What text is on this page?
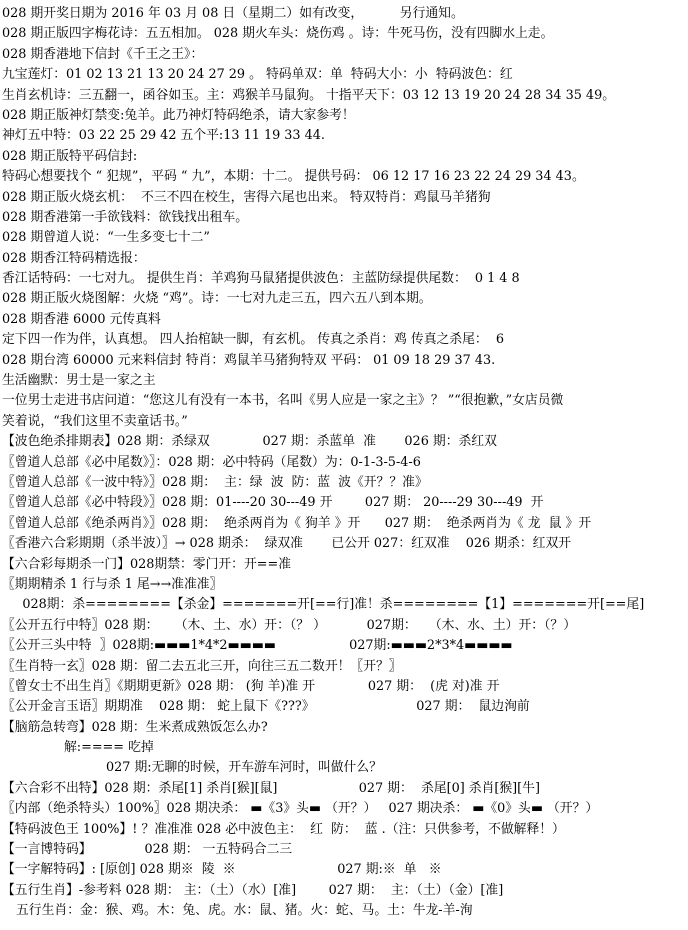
028 期开奖日期为 2016 年 03 月 08 日（星期二）如有改变，         另行通知。
028 期正版四字梅花诗：五五相加。 028 期火车头：烧伤鸡 。诗：牛死马伤，没有四脚水上走。
028 期香港地下信封《千王之王》：
九宝莲灯：01 02 13 21 13 20 24 27 29 。 特码单双：单  特码大小：小  特码波色：红
生肖玄机诗：三五翻一，函谷如玉。主：鸡猴羊马鼠狗。 十指平天下：03 12 13 19 20 24 28 34 35 49。
028 期正版神灯禁变:兔羊。此乃神灯特码绝杀，请大家参考！
神灯五中特：03 22 25 29 42 五个平:13 11 19 33 44.
028 期正版特平码信封:
特码心想要找个 “ 犯规”，平码 “ 九”，本期：十二。 提供号码： 06 12 17 16 23 22 24 29 34 43。
028 期正版火烧玄机：  不三不四在校生，害得六尾也出来。 特双特肖：鸡鼠马羊猪狗
028 期香港第一手欲钱料：欲钱找出租车。
028 期曾道人说：“一生多变七十二”
028 期香江特码精选报：
香江话特码：一七对九。 提供生肖：羊鸡狗马鼠猪提供波色：主蓝防绿提供尾数：  0 1 4 8
028 期正版火烧图解：火烧 “鸡”。诗：一七对九走三五，四六五八到本期。
028 期香港 6000 元传真料
定下四一作为伴，认真想。 四人抬棺缺一脚，有玄机。 传真之杀肖：鸡 传真之杀尾：  6
028 期台湾 60000 元来料信封 特肖：鸡鼠羊马猪狗特双 平码： 01 09 18 29 37 43.
生活幽默：男士是一家之主
一位男士走进书店问道：“您这儿有没有一本书，名叫《男人应是一家之主》？ ”“很抱歉，”女店员微
笑着说，“我们这里不卖童话书。”
【波色绝杀排期表】028 期：杀绿双             027 期：杀蓝单  准       026 期：杀红双
〖曾道人总部《必中尾数》〗：028 期：必中特码（尾数）为：0-1-3-5-4-6
〖曾道人总部《一波中特》〗028 期：  主：绿  波  防：蓝  波《开？？准》
〖曾道人总部《必中特段》〗028 期：01----20 30---49 开        027 期： 20----29 30---49  开
〖曾道人总部《绝杀两肖》〗028 期：  绝杀两肖为《 狗羊 》开      027 期：  绝杀两肖为《 龙  鼠 》开
〖香港六合彩期期（杀半波）〗→ 028 期杀：  绿双准       已公开 027：红双准    026 期杀：红双开
【六合彩每期杀一门】028期禁：零门开：开==准
〖期期精杀 1 行与杀 1 尾→→准准准〗
028期：杀========【杀金】=======开[==行]准！杀========【1】=======开[==尾]
〖公开五行中特〗028 期：    （木、土、水）开：（？ ）          027期：   （木、水、土）开：（？）
〖公开三头中特  〗028期:▬▬▬1*4*2▬▬▬▬                  027期:▬▬▬2*3*4▬▬▬▬
〖生肖特一玄〗028 期：留二去五北三开，向往三五二数开！〖开？〗
〖曾女士不出生肖〗《期期更新》028 期： (狗 羊)准 开             027 期：  (虎 对)准 开
〖公开金言玉语〗期期准    028 期： 蛇上鼠下《???》                         027 期：  鼠边洵前
【脑筋急转弯】028 期：生米煮成熟饭怎么办?
解:==== 吃掉
027 期:无聊的时候，开车游车河时，叫做什么？
【六合彩不出特】028 期：杀尾[1] 杀肖[猴][鼠]                    027 期：  杀尾[0] 杀肖[猴][牛]
〖内部（绝杀特头）100%〗028 期决杀： ▬《3》头▬ （开？）   027 期决杀： ▬《0》头▬ （开？）
【特码波色王 100%】! ？准准准 028 必中波色主：  红  防：  蓝 .（注：只供参考，不做解释！）
【一言博特码】             028 期： 一五特码合二三
【一字解特码】: [原创] 028 期※  陵  ※                         027 期:※  单   ※
【五行生肖】-参考料 028 期： 主：（土）（水）[准]        027 期：  主：（土）（金）[准]
五行生肖：金：猴、鸡。木：兔、虎。水：鼠、猪。火：蛇、马。土：牛龙-羊-洵
